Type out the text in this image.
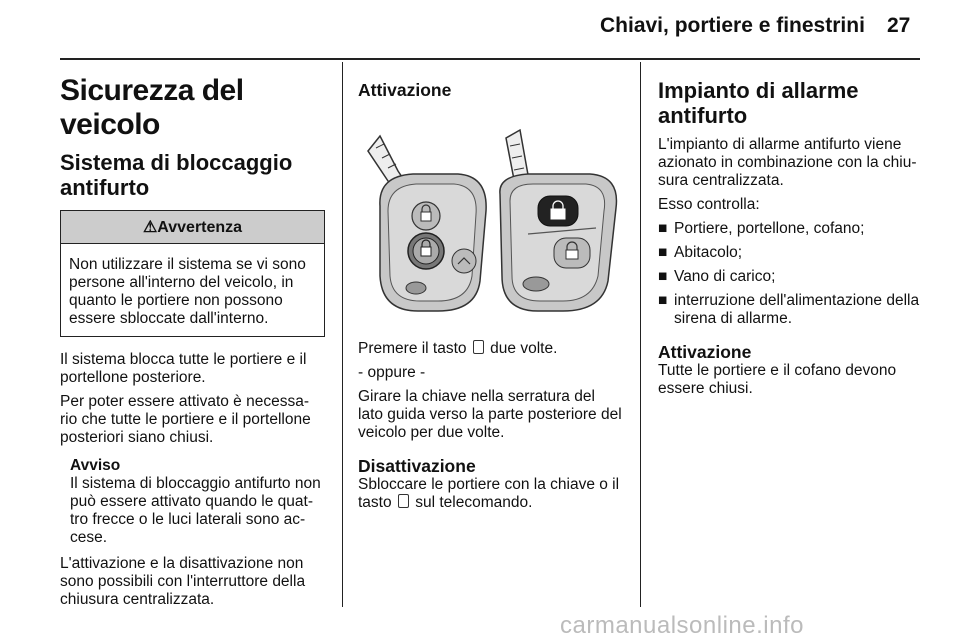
Chiavi, portiere e finestrini 27
Sicurezza del veicolo
Sistema di bloccaggio antifurto
⚠Avvertenza
Non utilizzare il sistema se vi sono persone all'interno del veicolo, in quanto le portiere non possono essere sbloccate dall'interno.

Il sistema blocca tutte le portiere e il portellone posteriore.

Per poter essere attivato è necessa-rio che tutte le portiere e il portellone posteriori siano chiusi.

Avviso
Il sistema di bloccaggio antifurto non può essere attivato quando le quat-tro frecce o le luci laterali sono ac-cese.

L'attivazione e la disattivazione non sono possibili con l'interruttore della chiusura centralizzata.

Attivazione

Premere il tasto due volte.

- oppure -

Girare la chiave nella serratura del lato guida verso la parte posteriore del veicolo per due volte.

Disattivazione

Sbloccare le portiere con la chiave o il tasto sul telecomando.

Impianto di allarme antifurto

L'impianto di allarme antifurto viene azionato in combinazione con la chiu-sura centralizzata.

Esso controlla:

■ Portiere, portellone, cofano;
■ Abitacolo;
■ Vano di carico;
■ interruzione dell'alimentazione della sirena di allarme.
Attivazione

Tutte le portiere e il cofano devono essere chiusi.

carmanualsonline.info
